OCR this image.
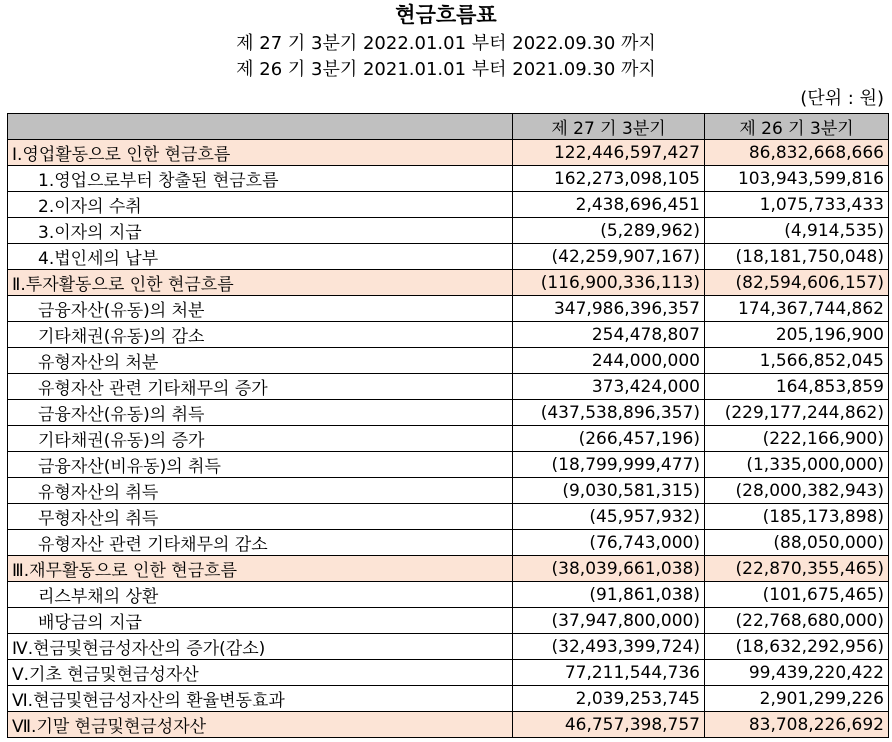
현금흐름표
제 27 기 3분기 2022.01.01 부터 2022.09.30 까지
제 26 기 3분기 2021.01.01 부터 2021.09.30 까지
(단위 : 원)
	제 27 기 3분기	제 26 기 3분기
Ⅰ.영업활동으로 인한 현금흐름	122,446,597,427	86,832,668,666
1.영업으로부터 창출된 현금흐름	162,273,098,105	103,943,599,816
2.이자의 수취	2,438,696,451	1,075,733,433
3.이자의 지급	(5,289,962)	(4,914,535)
4.법인세의 납부	(42,259,907,167)	(18,181,750,048)
Ⅱ.투자활동으로 인한 현금흐름	(116,900,336,113)	(82,594,606,157)
금융자산(유동)의 처분	347,986,396,357	174,367,744,862
기타채권(유동)의 감소	254,478,807	205,196,900
유형자산의 처분	244,000,000	1,566,852,045
유형자산 관련 기타채무의 증가	373,424,000	164,853,859
금융자산(유동)의 취득	(437,538,896,357)	(229,177,244,862)
기타채권(유동)의 증가	(266,457,196)	(222,166,900)
금융자산(비유동)의 취득	(18,799,999,477)	(1,335,000,000)
유형자산의 취득	(9,030,581,315)	(28,000,382,943)
무형자산의 취득	(45,957,932)	(185,173,898)
유형자산 관련 기타채무의 감소	(76,743,000)	(88,050,000)
Ⅲ.재무활동으로 인한 현금흐름	(38,039,661,038)	(22,870,355,465)
리스부채의 상환	(91,861,038)	(101,675,465)
배당금의 지급	(37,947,800,000)	(22,768,680,000)
Ⅳ.현금및현금성자산의 증가(감소)	(32,493,399,724)	(18,632,292,956)
Ⅴ.기초 현금및현금성자산	77,211,544,736	99,439,220,422
Ⅵ.현금및현금성자산의 환율변동효과	2,039,253,745	2,901,299,226
Ⅶ.기말 현금및현금성자산	46,757,398,757	83,708,226,692
